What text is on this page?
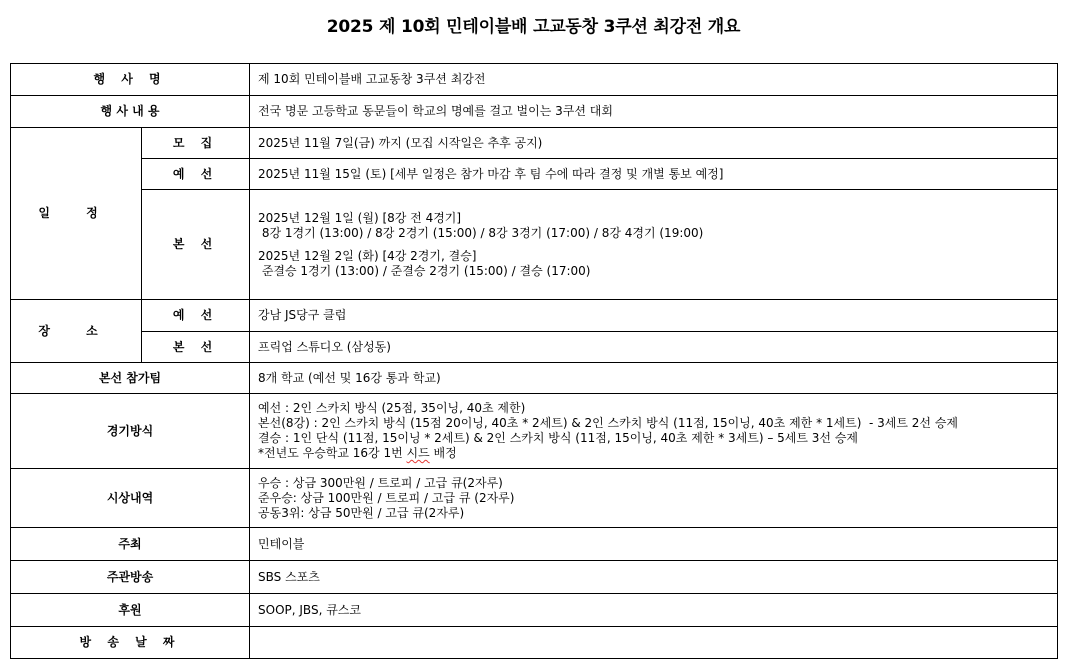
2025 제 10회 민테이블배 고교동창 3쿠션 최강전 개요
행 사 명		제 10회 민테이블배 고교동창 3쿠션 최강전
행 사 내 용		전국 명문 고등학교 동문들이 학교의 명예를 걸고 벌이는 3쿠션 대회
일 정	모 집	2025년 11월 7일(금) 까지 (모집 시작일은 추후 공지)
	예 선	2025년 11월 15일 (토) [세부 일정은 참가 마감 후 팀 수에 따라 결정 및 개별 통보 예정]
	본 선	2025년 12월 1일 (월) [8강 전 4경기]
8강 1경기 (13:00) / 8강 2경기 (15:00) / 8강 3경기 (17:00) / 8강 4경기 (19:00)
2025년 12월 2일 (화) [4강 2경기, 결승]
준결승 1경기 (13:00) / 준결승 2경기 (15:00) / 결승 (17:00)

장 소	예 선	강남 JS당구 클럽
	본 선	프릭업 스튜디오 (삼성동)
본선 참가팀		8개 학교 (예선 및 16강 통과 학교)
경기방식		예선 : 2인 스카치 방식 (25점, 35이닝, 40초 제한)
본선(8강) : 2인 스카치 방식 (15점 20이닝, 40초 * 2세트) & 2인 스카치 방식 (11점, 15이닝, 40초 제한 * 1세트)  - 3세트 2선 승제
결승 : 1인 단식 (11점, 15이닝 * 2세트) & 2인 스카치 방식 (11점, 15이닝, 40초 제한 * 3세트) – 5세트 3선 승제
*전년도 우승학교 16강 1번 시드 배정

시상내역		우승 : 상금 300만원 / 트로피 / 고급 큐(2자루)
준우승: 상금 100만원 / 트로피 / 고급 큐 (2자루)
공동3위: 상금 50만원 / 고급 큐(2자루)

주최		민테이블
주관방송		SBS 스포츠
후원		SOOP, JBS, 큐스코
방 송 날 짜		
